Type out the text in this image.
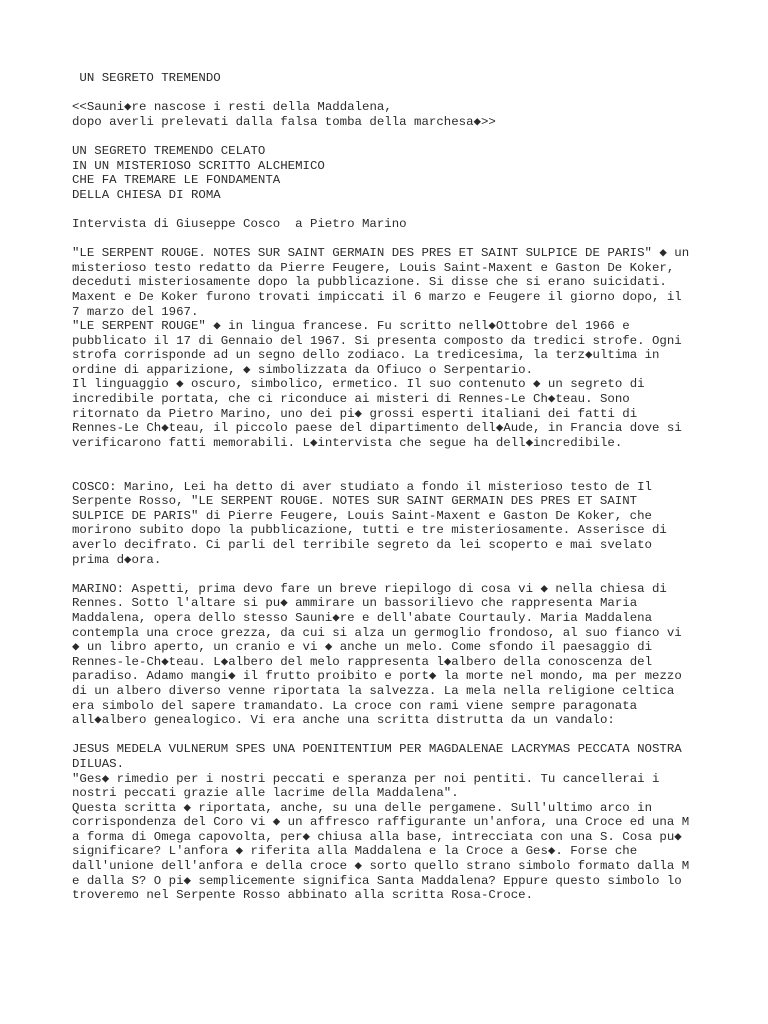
UN SEGRETO TREMENDO

<<Sauni◆re nascose i resti della Maddalena,

dopo averli prelevati dalla falsa tomba della marchesa◆>>

UN SEGRETO TREMENDO CELATO

IN UN MISTERIOSO SCRITTO ALCHEMICO

CHE FA TREMARE LE FONDAMENTA

DELLA CHIESA DI ROMA

Intervista di Giuseppe Cosco  a Pietro Marino

"LE SERPENT ROUGE. NOTES SUR SAINT GERMAIN DES PRES ET SAINT SULPICE DE PARIS" ◆ un

misterioso testo redatto da Pierre Feugere, Louis Saint-Maxent e Gaston De Koker,

deceduti misteriosamente dopo la pubblicazione. Si disse che si erano suicidati.

Maxent e De Koker furono trovati impiccati il 6 marzo e Feugere il giorno dopo, il

7 marzo del 1967.

"LE SERPENT ROUGE" ◆ in lingua francese. Fu scritto nell◆Ottobre del 1966 e

pubblicato il 17 di Gennaio del 1967. Si presenta composto da tredici strofe. Ogni

strofa corrisponde ad un segno dello zodiaco. La tredicesima, la terz◆ultima in

ordine di apparizione, ◆ simbolizzata da Ofiuco o Serpentario.

Il linguaggio ◆ oscuro, simbolico, ermetico. Il suo contenuto ◆ un segreto di

incredibile portata, che ci riconduce ai misteri di Rennes-Le Ch◆teau. Sono

ritornato da Pietro Marino, uno dei pi◆ grossi esperti italiani dei fatti di

Rennes-Le Ch◆teau, il piccolo paese del dipartimento dell◆Aude, in Francia dove si

verificarono fatti memorabili. L◆intervista che segue ha dell◆incredibile.

COSCO: Marino, Lei ha detto di aver studiato a fondo il misterioso testo de Il

Serpente Rosso, "LE SERPENT ROUGE. NOTES SUR SAINT GERMAIN DES PRES ET SAINT

SULPICE DE PARIS" di Pierre Feugere, Louis Saint-Maxent e Gaston De Koker, che

morirono subito dopo la pubblicazione, tutti e tre misteriosamente. Asserisce di

averlo decifrato. Ci parli del terribile segreto da lei scoperto e mai svelato

prima d◆ora.

MARINO: Aspetti, prima devo fare un breve riepilogo di cosa vi ◆ nella chiesa di

Rennes. Sotto l'altare si pu◆ ammirare un bassorilievo che rappresenta Maria

Maddalena, opera dello stesso Sauni◆re e dell'abate Courtauly. Maria Maddalena

contempla una croce grezza, da cui si alza un germoglio frondoso, al suo fianco vi

◆ un libro aperto, un cranio e vi ◆ anche un melo. Come sfondo il paesaggio di

Rennes-le-Ch◆teau. L◆albero del melo rappresenta l◆albero della conoscenza del

paradiso. Adamo mangi◆ il frutto proibito e port◆ la morte nel mondo, ma per mezzo

di un albero diverso venne riportata la salvezza. La mela nella religione celtica

era simbolo del sapere tramandato. La croce con rami viene sempre paragonata

all◆albero genealogico. Vi era anche una scritta distrutta da un vandalo:

JESUS MEDELA VULNERUM SPES UNA POENITENTIUM PER MAGDALENAE LACRYMAS PECCATA NOSTRA

DILUAS.

"Ges◆ rimedio per i nostri peccati e speranza per noi pentiti. Tu cancellerai i

nostri peccati grazie alle lacrime della Maddalena".

Questa scritta ◆ riportata, anche, su una delle pergamene. Sull'ultimo arco in

corrispondenza del Coro vi ◆ un affresco raffigurante un'anfora, una Croce ed una M

a forma di Omega capovolta, per◆ chiusa alla base, intrecciata con una S. Cosa pu◆

significare? L'anfora ◆ riferita alla Maddalena e la Croce a Ges◆. Forse che

dall'unione dell'anfora e della croce ◆ sorto quello strano simbolo formato dalla M

e dalla S? O pi◆ semplicemente significa Santa Maddalena? Eppure questo simbolo lo

troveremo nel Serpente Rosso abbinato alla scritta Rosa-Croce.
